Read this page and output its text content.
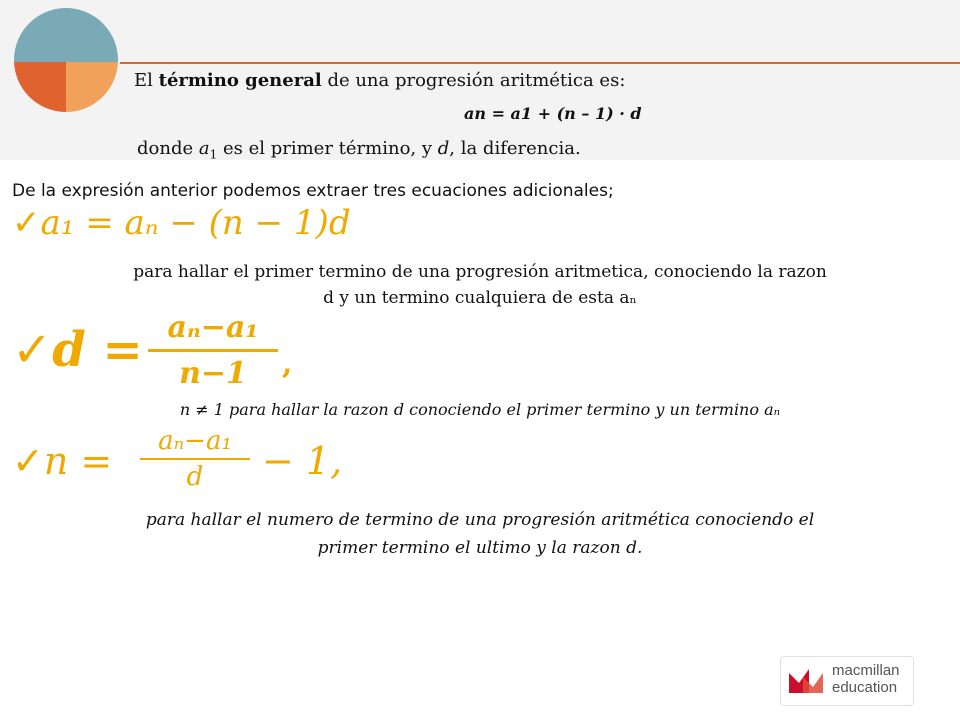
El término general de una progresión aritmética es:
an = a1 + (n – 1) · d
donde $a_1$ es el primer término, y d, la diferencia.
De la expresión anterior podemos extraer tres ecuaciones adicionales;
✓a₁ = aₙ − (n − 1)d
para hallar el primer termino de una progresión aritmetica, conociendo la razon
d y un termino cualquiera de esta aₙ
✓d = aₙ−a₁
n−1	,
n ≠ 1 para hallar la razon d conociendo el primer termino y un termino aₙ
✓n =	aₙ−a₁
d	− 1,
para hallar el numero de termino de una progresión aritmética conociendo el
primer termino el ultimo y la razon d.
macmillan
education
